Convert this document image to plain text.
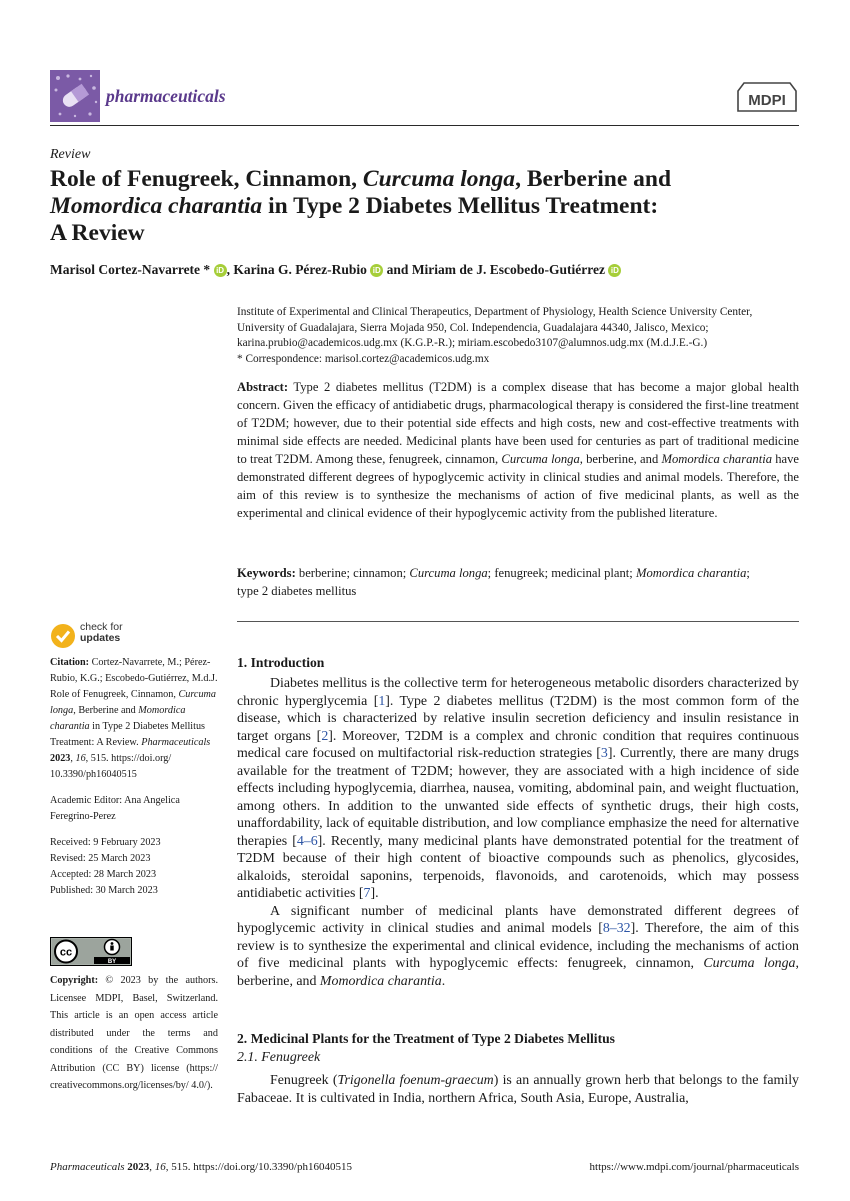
pharmaceuticals	MDPI
Review
Role of Fenugreek, Cinnamon, Curcuma longa, Berberine and
Momordica charantia in Type 2 Diabetes Mellitus Treatment:
A Review
Marisol Cortez-Navarrete * iD , Karina G. Pérez-Rubio iD and Miriam de J. Escobedo-Gutiérrez iD
Institute of Experimental and Clinical Therapeutics, Department of Physiology, Health Science University Center,
University of Guadalajara, Sierra Mojada 950, Col. Independencia, Guadalajara 44340, Jalisco, Mexico;
karina.prubio@academicos.udg.mx (K.G.P.-R.); miriam.escobedo3107@alumnos.udg.mx (M.d.J.E.-G.)
* Correspondence: marisol.cortez@academicos.udg.mx
Abstract: Type 2 diabetes mellitus (T2DM) is a complex disease that has become a major global health concern. Given the efficacy of antidiabetic drugs, pharmacological therapy is considered the first-line treatment of T2DM; however, due to their potential side effects and high costs, new and cost-effective treatments with minimal side effects are needed. Medicinal plants have been used for centuries as part of traditional medicine to treat T2DM. Among these, fenugreek, cinnamon, Curcuma longa, berberine, and Momordica charantia have demonstrated different degrees of hypoglycemic activity in clinical studies and animal models. Therefore, the aim of this review is to synthesize the mechanisms of action of five medicinal plants, as well as the experimental and clinical evidence of their hypoglycemic activity from the published literature.
Keywords: berberine; cinnamon; Curcuma longa; fenugreek; medicinal plant; Momordica charantia;
type 2 diabetes mellitus
check for
updates

Citation: Cortez-Navarrete, M.; Pérez-Rubio, K.G.; Escobedo-Gutiérrez, M.d.J. Role of Fenugreek, Cinnamon, Curcuma longa, Berberine and Momordica charantia in Type 2 Diabetes Mellitus Treatment: A Review. Pharmaceuticals 2023, 16, 515. https://doi.org/ 10.3390/ph16040515

Academic Editor: Ana Angelica Feregrino-Perez

Received: 9 February 2023

Revised: 25 March 2023

Accepted: 28 March 2023

Published: 30 March 2023

cc
BY
Copyright: © 2023 by the authors. Licensee MDPI, Basel, Switzerland. This article is an open access article distributed under the terms and conditions of the Creative Commons Attribution (CC BY) license (https:// creativecommons.org/licenses/by/ 4.0/).
1. Introduction

Diabetes mellitus is the collective term for heterogeneous metabolic disorders characterized by chronic hyperglycemia [1]. Type 2 diabetes mellitus (T2DM) is the most common form of the disease, which is characterized by relative insulin secretion deficiency and insulin resistance in target organs [2]. Moreover, T2DM is a complex and chronic condition that requires continuous medical care focused on multifactorial risk-reduction strategies [3]. Currently, there are many drugs available for the treatment of T2DM; however, they are associated with a high incidence of side effects including hypoglycemia, diarrhea, nausea, vomiting, abdominal pain, and weight fluctuation, among others. In addition to the unwanted side effects of synthetic drugs, their high costs, unaffordability, lack of equitable distribution, and low compliance emphasize the need for alternative therapies [4–6]. Recently, many medicinal plants have demonstrated potential for the treatment of T2DM because of their high content of bioactive compounds such as phenolics, glycosides, alkaloids, steroidal saponins, terpenoids, flavonoids, and carotenoids, which may possess antidiabetic activities [7].

A significant number of medicinal plants have demonstrated different degrees of hypoglycemic activity in clinical studies and animal models [8–32]. Therefore, the aim of this review is to synthesize the experimental and clinical evidence, including the mechanisms of action of five medicinal plants with hypoglycemic effects: fenugreek, cinnamon, Curcuma longa, berberine, and Momordica charantia.

2. Medicinal Plants for the Treatment of Type 2 Diabetes Mellitus
2.1. Fenugreek

Fenugreek (Trigonella foenum-graecum) is an annually grown herb that belongs to the family Fabaceae. It is cultivated in India, northern Africa, South Asia, Europe, Australia,

Pharmaceuticals 2023, 16, 515. https://doi.org/10.3390/ph16040515	https://www.mdpi.com/journal/pharmaceuticals
